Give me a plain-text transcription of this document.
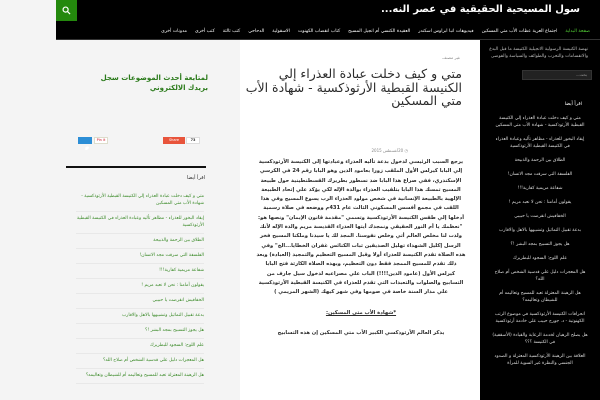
سول المسيحية الحقيقية في عصر النه...
صفحة البداية
اجتماع العرية عظات الأب متي المسكين
فيديوهات انبا ابراوس اسكندر
العقيدة الكنسي أم انجيل المسيح
كتاب انقضاب الكهنوت
الاسقولية
الدحاحي
كتب ثالثة
كتب أخري
مدونات أخري
لمتابعة أحدث الموضوعات سجل بريدك الالكتروني
Pin it	Share	73
اقرأ أيضا
متي و كيف دخلت عبادة العذراء إلي الكنيسة القبطية الأرثوذكسية - شهادة الأب متي المسكين
إيقاد البخور للعذراء - مظاهر تأليه وعبادة العذراء في الكنيسة القبطية الأرثوذكسية
الطلاق بين الرحمة والذبيحة
الفلسفة التي سرقت مجد الانسان!
شفاعة مريمية كفارية!!!
يقولون أمامنا : نحن لا نعبد مريم !
الخفافيش انقرضت يا حبيبي
بدعة تقبيل التماثيل وتشبيهها بالاهل والاقارب
هل يجوز التسبيح بمجد البشر !؟
علم اللوح: السجود للبطريرك
هل المعجزات دليل علي قدسية الشخص أم صلاح الله؟
هل الرهبنة المعتزلة تعبد للمسيح وتعاليمه أم للشيطان وتعاليمه؟
غير مصنف
متي و كيف دخلت عبادة العذراء إلي الكنيسة القبطية الأرثوذكسية - شهادة الأب متي المسكين
◷ 20أغسطس 2015

يرجع السبب الرئيسي لدخول بدعة تأليه العذراء وعبادتها إلى الكنيسة الأرثوذكسية إلي البابا كيرلس الأول الملقب زورا بعامود الدين وهو البابا رقم 24 في الكرسي الإسكندري، ففي صراع هذا البابا ضد نسطور بطريرك القسطنطينية حول طبيعة المسيح تمسك هذا البابا بتلقيب العذراء بوالدة الإله لكي يؤكد علي إتحاد الطبيعة الإلهية بالطبيعة الإنسانية في شخص مولود العذراء الرب يسوع المسيح وفي هذا اللقب في مجمع أفسس المسكوني الثالث عام 431م ووضعه في صلاة رسمية أدخلها إلي طقس الكنيسة الأرثوذكسية وتسمي "مقدمة قانون الإيمان" ونصها هو: "نعظمك يا أم النور الحقيقي ونمجدك أيتها العذراء القديسة مريم والدة الإله لأنك ولدت لنا مخلص العالم أتي وخلص نفوسنا. المجد لك يا سيدنا وملكنا المسيح فخر الرسل إكليل الشهداء تهليل الصديقين ثبات الكنائس غفران الخطايا...الخ" وفي هذه الصلاة تقدم الكنيسة للعذراء أولا وقبل المسيح التعظيم والتمجيد (العبادة) وبعد ذلك تقدم للمسيح الممجد فقط دون التعظيم، وبهذه الصلاة الكارثة فتح البابا كيرلس الأول (عامود الدين!!!!) الباب علي مصراعيه لدخول سيل جارف من التسابيح والصلوات والتعبدات التي تقدم للعذراء في الكنيسة القبطية الأرثوذكسية علي مدار السنة خاصة في صومها وفي شهر كيهك (الشهر المريمي )

*شهادة الأب متي المسكين:

يذكر العالم الأرثوذكسي الكبير الأب متي المسكين إن هذه التسابيح

نهضة الكنيسة الرسولية الانجيلية الكنيسة ما قبل البدع والانقسامات والتحزب والطوائف والسياسة والفوضى
بحث...
اقرأ أيضا
متي و كيف دخلت عبادة العذراء إلي الكنيسة القبطية الأرثوذكسية - شهادة الأب متي المسكين
إيقاد البخور للعذراء - مظاهر تأليه وعبادة العذراء في الكنيسة القبطية الأرثوذكسية
الطلاق بين الرحمة والذبيحة
الفلسفة التي سرقت مجد الانسان!
شفاعة مريمية كفارية!!!
يقولون أمامنا : نحن لا نعبد مريم !
الخفافيش انقرضت يا حبيبي
بدعة تقبيل التماثيل وتشبيهها بالاهل والاقارب
هل يجوز التسبيح بمجد البشر !؟
علم اللوح: السجود للبطريرك
هل المعجزات دليل علي قدسية الشخص أم صلاح الله؟
هل الرهبنة المعتزلة تعبد للمسيح وتعاليمه أم للشيطان وتعاليمه؟
انحرافات الكنيسة الأرثوذكسية في موضوع الرتب الكهنوتية - د. جورج حبيب علي خادمة أرثوذكسية
هل يصلح الرهبان لخدمة الرعاية والقيادة (الأسقفية) في الكنيسة ؟؟؟
العلاقة بين الرهبنة الأرثوذكسية المعتزلة و الصدود الجنسي والنظرة غير السوية للمرأة
